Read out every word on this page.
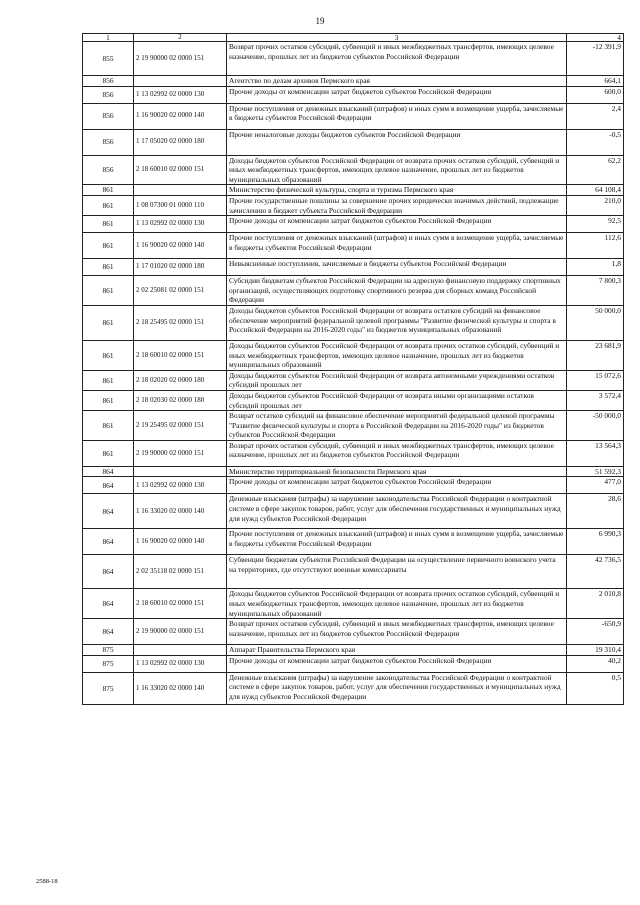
19
1	2	3	4
855	2 19 90000 02 0000 151	Возврат прочих остатков субсидий, субвенций и иных межбюджетных трансфертов, имеющих целевое назначение, прошлых лет из бюджетов субъектов Российской Федерации	-12 391,9
856		Агентство по делам архивов Пермского края	664,1
856	1 13 02992 02 0000 130	Прочие доходы от компенсации затрат бюджетов субъектов Российской Федерации	600,0
856	1 16 90020 02 0000 140	Прочие поступления от денежных взысканий (штрафов) и иных сумм в возмещение ущерба, зачисляемые в бюджеты субъектов Российской Федерации	2,4
856	1 17 05020 02 0000 180	Прочие неналоговые доходы бюджетов субъектов Российской Федерации	-0,5
856	2 18 60010 02 0000 151	Доходы бюджетов субъектов Российской Федерации от возврата прочих остатков субсидий, субвенций и иных межбюджетных трансфертов, имеющих целевое назначение, прошлых лет из бюджетов муниципальных образований	62,2
861		Министерство физической культуры, спорта и туризма Пермского края	64 108,4
861	1 08 07300 01 0000 110	Прочие государственные пошлины за совершение прочих юридически значимых действий, подлежащие зачислению в бюджет субъекта Российской Федерации	210,0
861	1 13 02992 02 0000 130	Прочие доходы от компенсации затрат бюджетов субъектов Российской Федерации	92,5
861	1 16 90020 02 0000 140	Прочие поступления от денежных взысканий (штрафов) и иных сумм в возмещение ущерба, зачисляемые в бюджеты субъектов Российской Федерации	112,6
861	1 17 01020 02 0000 180	Невыясненные поступления, зачисляемые в бюджеты субъектов Российской Федерации	1,8
861	2 02 25081 02 0000 151	Субсидии бюджетам субъектов Российской Федерации на адресную финансовую поддержку спортивных организаций, осуществляющих подготовку спортивного резерва для сборных команд Российской Федерации	7 800,3
861	2 18 25495 02 0000 151	Доходы бюджетов субъектов Российской Федерации от возврата остатков субсидий на финансовое обеспечение мероприятий федеральной целевой программы "Развитие физической культуры и спорта в Российской Федерации на 2016-2020 годы" из бюджетов муниципальных образований	50 000,0
861	2 18 60010 02 0000 151	Доходы бюджетов субъектов Российской Федерации от возврата прочих остатков субсидий, субвенций и иных межбюджетных трансфертов, имеющих целевое назначение, прошлых лет из бюджетов муниципальных образований	23 681,9
861	2 18 02020 02 0000 180	Доходы бюджетов субъектов Российской Федерации от возврата автономными учреждениями остатков субсидий прошлых лет	15 072,6
861	2 18 02030 02 0000 180	Доходы бюджетов субъектов Российской Федерации от возврата иными организациями остатков субсидий прошлых лет	3 572,4
861	2 19 25495 02 0000 151	Возврат остатков субсидий на финансовое обеспечение мероприятий федеральной целевой программы "Развитие физической культуры и спорта в Российской Федерации на 2016-2020 годы" из бюджетов субъектов Российской Федерации	-50 000,0
861	2 19 90000 02 0000 151	Возврат прочих остатков субсидий, субвенций и иных межбюджетных трансфертов, имеющих целевое назначение, прошлых лет из бюджетов субъектов Российской Федерации	13 564,3
864		Министерство территориальной безопасности Пермского края	51 592,3
864	1 13 02992 02 0000 130	Прочие доходы от компенсации затрат бюджетов субъектов Российской Федерации	477,0
864	1 16 33020 02 0000 140	Денежные взыскания (штрафы) за нарушение законодательства Российской Федерации о контрактной системе в сфере закупок товаров, работ, услуг для обеспечения государственных и муниципальных нужд для нужд субъектов Российской Федерации	28,6
864	1 16 90020 02 0000 140	Прочие поступления от денежных взысканий (штрафов) и иных сумм в возмещение ущерба, зачисляемые в бюджеты субъектов Российской Федерации	6 990,3
864	2 02 35118 02 0000 151	Субвенции бюджетам субъектов Российской Федерации на осуществление первичного воинского учета на территориях, где отсутствуют военные комиссариаты	42 736,5
864	2 18 60010 02 0000 151	Доходы бюджетов субъектов Российской Федерации от возврата прочих остатков субсидий, субвенций и иных межбюджетных трансфертов, имеющих целевое назначение, прошлых лет из бюджетов муниципальных образований	2 010,8
864	2 19 90000 02 0000 151	Возврат прочих остатков субсидий, субвенций и иных межбюджетных трансфертов, имеющих целевое назначение, прошлых лет из бюджетов субъектов Российской Федерации	-650,9
875		Аппарат Правительства Пермского края	19 310,4
875	1 13 02992 02 0000 130	Прочие доходы от компенсации затрат бюджетов субъектов Российской Федерации	40,2
875	1 16 33020 02 0000 140	Денежные взыскания (штрафы) за нарушение законодательства Российской Федерации о контрактной системе в сфере закупок товаров, работ, услуг для обеспечения государственных и муниципальных нужд для нужд субъектов Российской Федерации	0,5
2588-18
